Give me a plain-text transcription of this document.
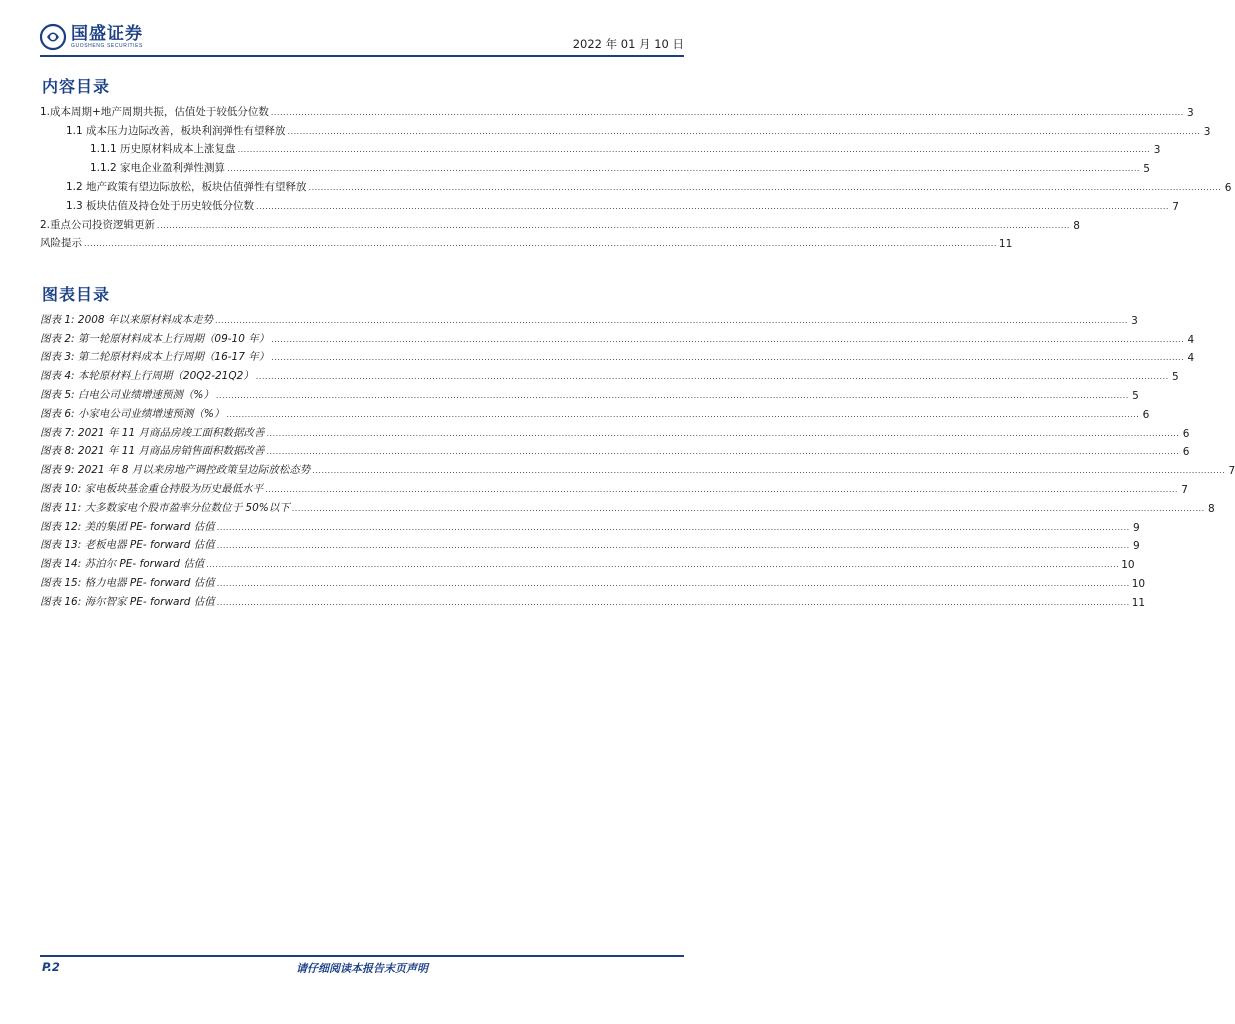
国盛证券
GUOSHENG SECURITIES	2022 年 01 月 10 日
内容目录
1.成本周期+地产周期共振，估值处于较低分位数 ............................................................................................................................................................................................................................................................................................................ 3
1.1 成本压力边际改善，板块利润弹性有望释放 ............................................................................................................................................................................................................................................................................................................ 3
1.1.1 历史原材料成本上涨复盘 ............................................................................................................................................................................................................................................................................................................ 3
1.1.2 家电企业盈利弹性测算 ............................................................................................................................................................................................................................................................................................................ 5
1.2 地产政策有望边际放松，板块估值弹性有望释放 ............................................................................................................................................................................................................................................................................................................ 6
1.3 板块估值及持仓处于历史较低分位数 ............................................................................................................................................................................................................................................................................................................ 7
2.重点公司投资逻辑更新 ............................................................................................................................................................................................................................................................................................................ 8
风险提示 ............................................................................................................................................................................................................................................................................................................ 11
图表目录
图表 1: 2008 年以来原材料成本走势 ............................................................................................................................................................................................................................................................................................................ 3
图表 2: 第一轮原材料成本上行周期（09-10 年） ............................................................................................................................................................................................................................................................................................................ 4
图表 3: 第二轮原材料成本上行周期（16-17 年） ............................................................................................................................................................................................................................................................................................................ 4
图表 4: 本轮原材料上行周期（20Q2-21Q2） ............................................................................................................................................................................................................................................................................................................ 5
图表 5: 白电公司业绩增速预测（%） ............................................................................................................................................................................................................................................................................................................ 5
图表 6: 小家电公司业绩增速预测（%） ............................................................................................................................................................................................................................................................................................................ 6
图表 7: 2021 年 11 月商品房竣工面积数据改善 ............................................................................................................................................................................................................................................................................................................ 6
图表 8: 2021 年 11 月商品房销售面积数据改善 ............................................................................................................................................................................................................................................................................................................ 6
图表 9: 2021 年 8 月以来房地产调控政策呈边际放松态势 ............................................................................................................................................................................................................................................................................................................ 7
图表 10: 家电板块基金重仓持股为历史最低水平 ............................................................................................................................................................................................................................................................................................................ 7
图表 11: 大多数家电个股市盈率分位数位于 50%以下 ............................................................................................................................................................................................................................................................................................................ 8
图表 12: 美的集团 PE- forward 估值 ............................................................................................................................................................................................................................................................................................................ 9
图表 13: 老板电器 PE- forward 估值 ............................................................................................................................................................................................................................................................................................................ 9
图表 14: 苏泊尔 PE- forward 估值 ............................................................................................................................................................................................................................................................................................................ 10
图表 15: 格力电器 PE- forward 估值 ............................................................................................................................................................................................................................................................................................................ 10
图表 16: 海尔智家 PE- forward 估值 ............................................................................................................................................................................................................................................................................................................ 11
请仔细阅读本报告末页声明
P.2
